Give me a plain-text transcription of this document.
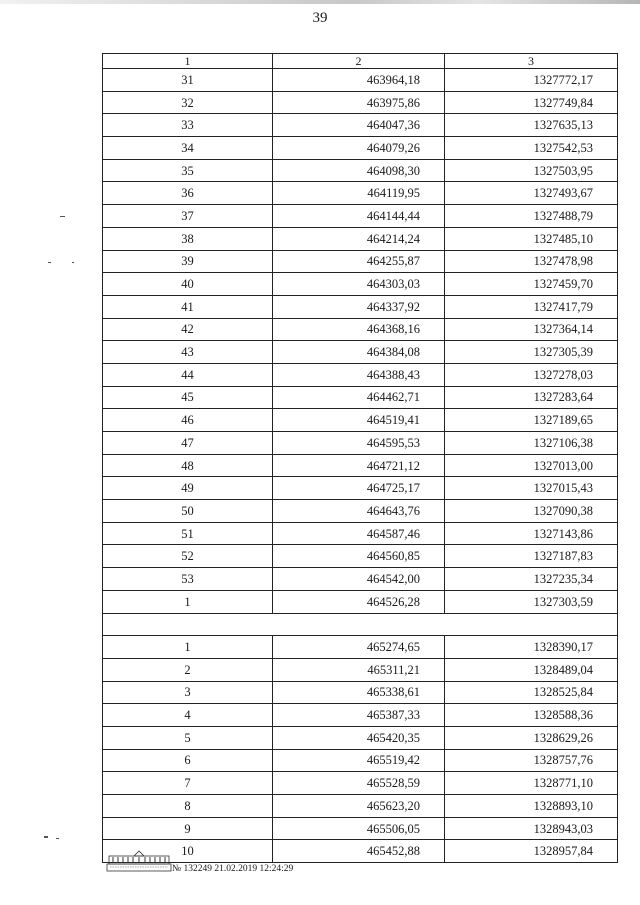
39
1	2	3
31	463964,18	1327772,17
32	463975,86	1327749,84
33	464047,36	1327635,13
34	464079,26	1327542,53
35	464098,30	1327503,95
36	464119,95	1327493,67
37	464144,44	1327488,79
38	464214,24	1327485,10
39	464255,87	1327478,98
40	464303,03	1327459,70
41	464337,92	1327417,79
42	464368,16	1327364,14
43	464384,08	1327305,39
44	464388,43	1327278,03
45	464462,71	1327283,64
46	464519,41	1327189,65
47	464595,53	1327106,38
48	464721,12	1327013,00
49	464725,17	1327015,43
50	464643,76	1327090,38
51	464587,46	1327143,86
52	464560,85	1327187,83
53	464542,00	1327235,34
1	464526,28	1327303,59

1	465274,65	1328390,17
2	465311,21	1328489,04
3	465338,61	1328525,84
4	465387,33	1328588,36
5	465420,35	1328629,26
6	465519,42	1328757,76
7	465528,59	1328771,10
8	465623,20	1328893,10
9	465506,05	1328943,03
10	465452,88	1328957,84
№ 132249 21.02.2019 12:24:29
